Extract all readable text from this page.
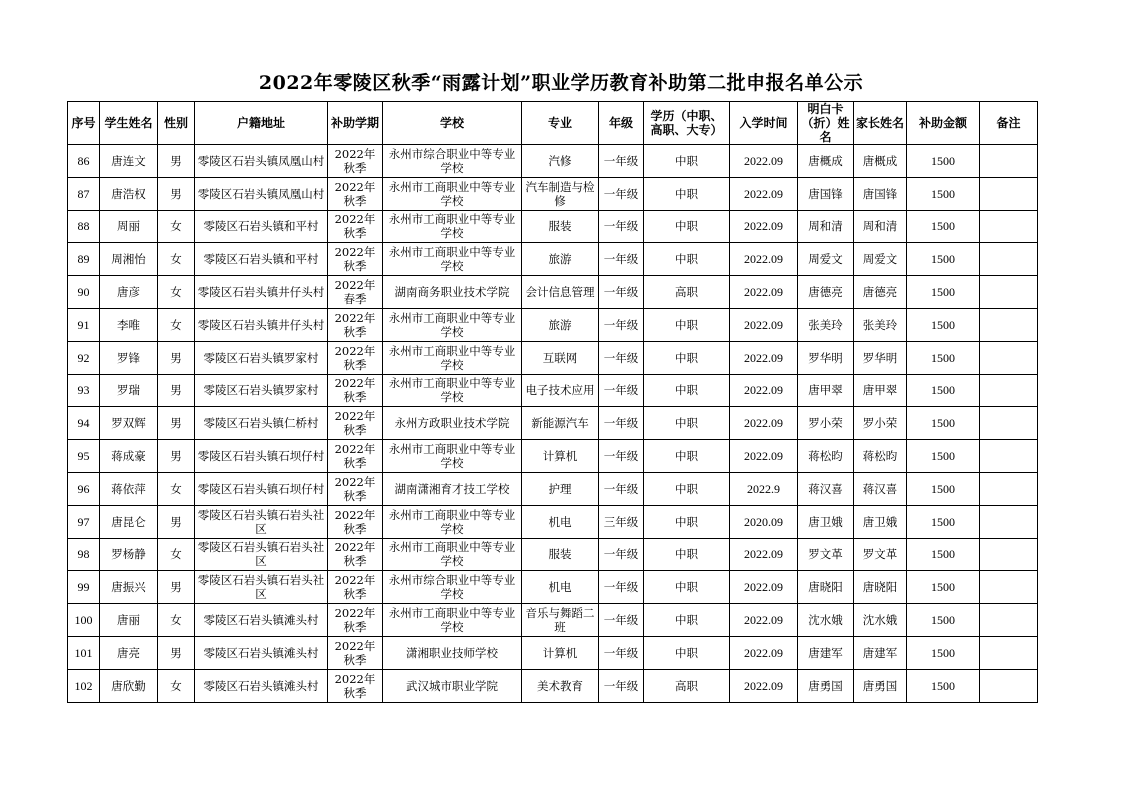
2022年零陵区秋季“雨露计划”职业学历教育补助第二批申报名单公示
序号	学生姓名	性别	户籍地址	补助学期	学校	专业	年级	学历（中职、高职、大专）	入学时间	明白卡（折）姓名	家长姓名	补助金额	备注
86	唐连文	男	零陵区石岩头镇凤凰山村	2022年秋季	永州市综合职业中等专业学校	汽修	一年级	中职	2022.09	唐概成	唐概成	1500	
87	唐浩权	男	零陵区石岩头镇凤凰山村	2022年秋季	永州市工商职业中等专业学校	汽车制造与检修	一年级	中职	2022.09	唐国锋	唐国锋	1500	
88	周丽	女	零陵区石岩头镇和平村	2022年秋季	永州市工商职业中等专业学校	服装	一年级	中职	2022.09	周和清	周和清	1500	
89	周湘怡	女	零陵区石岩头镇和平村	2022年秋季	永州市工商职业中等专业学校	旅游	一年级	中职	2022.09	周爱文	周爱文	1500	
90	唐彦	女	零陵区石岩头镇井仔头村	2022年春季	湖南商务职业技术学院	会计信息管理	一年级	高职	2022.09	唐德亮	唐德亮	1500	
91	李唯	女	零陵区石岩头镇井仔头村	2022年秋季	永州市工商职业中等专业学校	旅游	一年级	中职	2022.09	张美玲	张美玲	1500	
92	罗锋	男	零陵区石岩头镇罗家村	2022年秋季	永州市工商职业中等专业学校	互联网	一年级	中职	2022.09	罗华明	罗华明	1500	
93	罗瑞	男	零陵区石岩头镇罗家村	2022年秋季	永州市工商职业中等专业学校	电子技术应用	一年级	中职	2022.09	唐甲翠	唐甲翠	1500	
94	罗双辉	男	零陵区石岩头镇仁桥村	2022年秋季	永州方政职业技术学院	新能源汽车	一年级	中职	2022.09	罗小荣	罗小荣	1500	
95	蒋成豪	男	零陵区石岩头镇石坝仔村	2022年秋季	永州市工商职业中等专业学校	计算机	一年级	中职	2022.09	蒋松昀	蒋松昀	1500	
96	蒋依萍	女	零陵区石岩头镇石坝仔村	2022年秋季	湖南潇湘育才技工学校	护理	一年级	中职	2022.9	蒋汉喜	蒋汉喜	1500	
97	唐昆仑	男	零陵区石岩头镇石岩头社区	2022年秋季	永州市工商职业中等专业学校	机电	三年级	中职	2020.09	唐卫娥	唐卫娥	1500	
98	罗杨静	女	零陵区石岩头镇石岩头社区	2022年秋季	永州市工商职业中等专业学校	服装	一年级	中职	2022.09	罗文革	罗文革	1500	
99	唐振兴	男	零陵区石岩头镇石岩头社区	2022年秋季	永州市综合职业中等专业学校	机电	一年级	中职	2022.09	唐晓阳	唐晓阳	1500	
100	唐丽	女	零陵区石岩头镇滩头村	2022年秋季	永州市工商职业中等专业学校	音乐与舞蹈二班	一年级	中职	2022.09	沈水娥	沈水娥	1500	
101	唐亮	男	零陵区石岩头镇滩头村	2022年秋季	潇湘职业技师学校	计算机	一年级	中职	2022.09	唐建军	唐建军	1500	
102	唐欣勤	女	零陵区石岩头镇滩头村	2022年秋季	武汉城市职业学院	美术教育	一年级	高职	2022.09	唐勇国	唐勇国	1500	
